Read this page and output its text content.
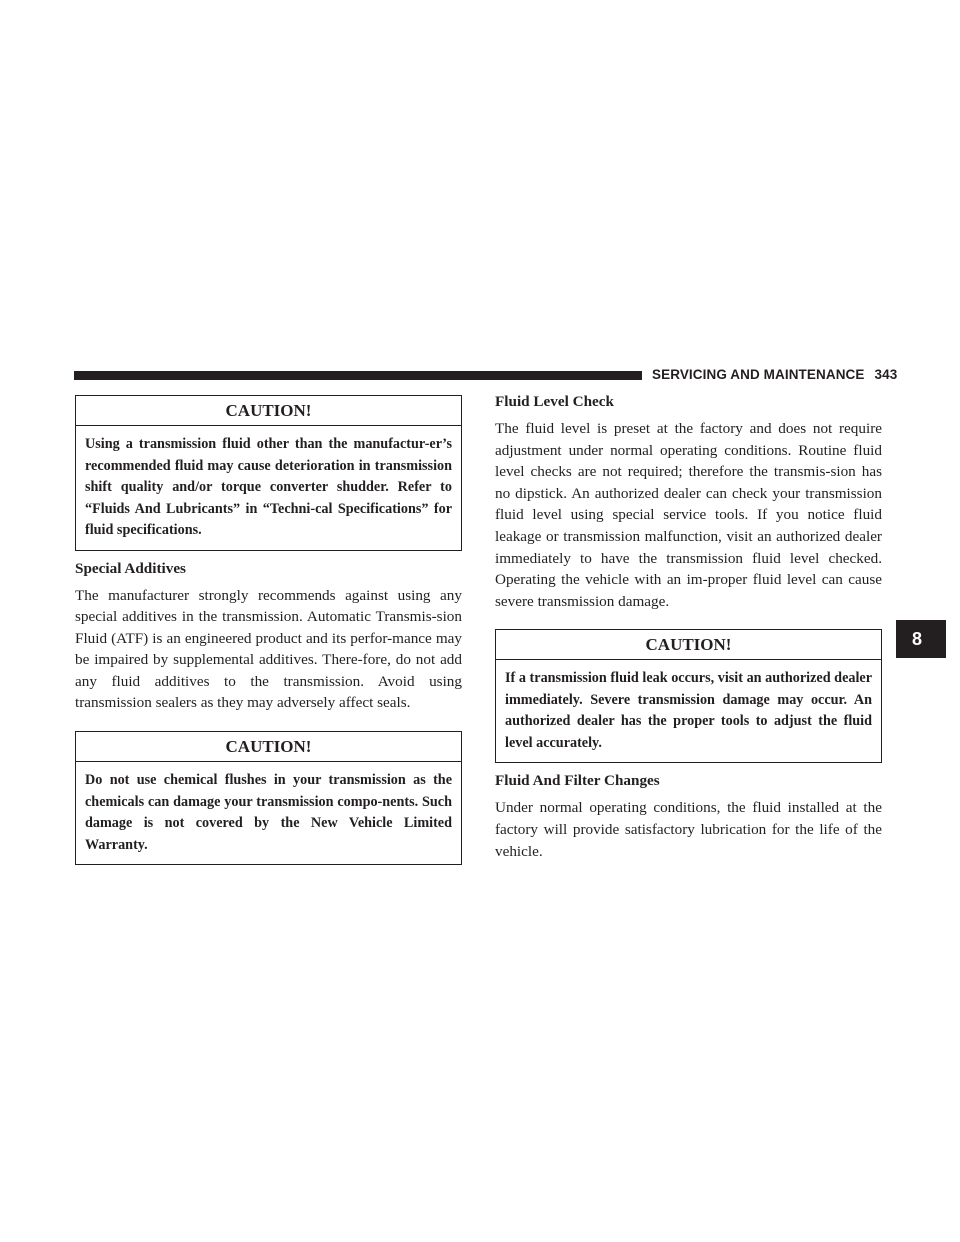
SERVICING AND MAINTENANCE 343
8
CAUTION!
Using a transmission fluid other than the manufactur-er’s recommended fluid may cause deterioration in transmission shift quality and/or torque converter shudder. Refer to “Fluids And Lubricants” in “Techni-cal Specifications” for fluid specifications.
Special Additives

The manufacturer strongly recommends against using any special additives in the transmission. Automatic Transmis-sion Fluid (ATF) is an engineered product and its perfor-mance may be impaired by supplemental additives. There-fore, do not add any fluid additives to the transmission. Avoid using transmission sealers as they may adversely affect seals.

CAUTION!
Do not use chemical flushes in your transmission as the chemicals can damage your transmission compo-nents. Such damage is not covered by the New Vehicle Limited Warranty.
Fluid Level Check

The fluid level is preset at the factory and does not require adjustment under normal operating conditions. Routine fluid level checks are not required; therefore the transmis-sion has no dipstick. An authorized dealer can check your transmission fluid level using special service tools. If you notice fluid leakage or transmission malfunction, visit an authorized dealer immediately to have the transmission fluid level checked. Operating the vehicle with an im-proper fluid level can cause severe transmission damage.

CAUTION!
If a transmission fluid leak occurs, visit an authorized dealer immediately. Severe transmission damage may occur. An authorized dealer has the proper tools to adjust the fluid level accurately.
Fluid And Filter Changes

Under normal operating conditions, the fluid installed at the factory will provide satisfactory lubrication for the life of the vehicle.
